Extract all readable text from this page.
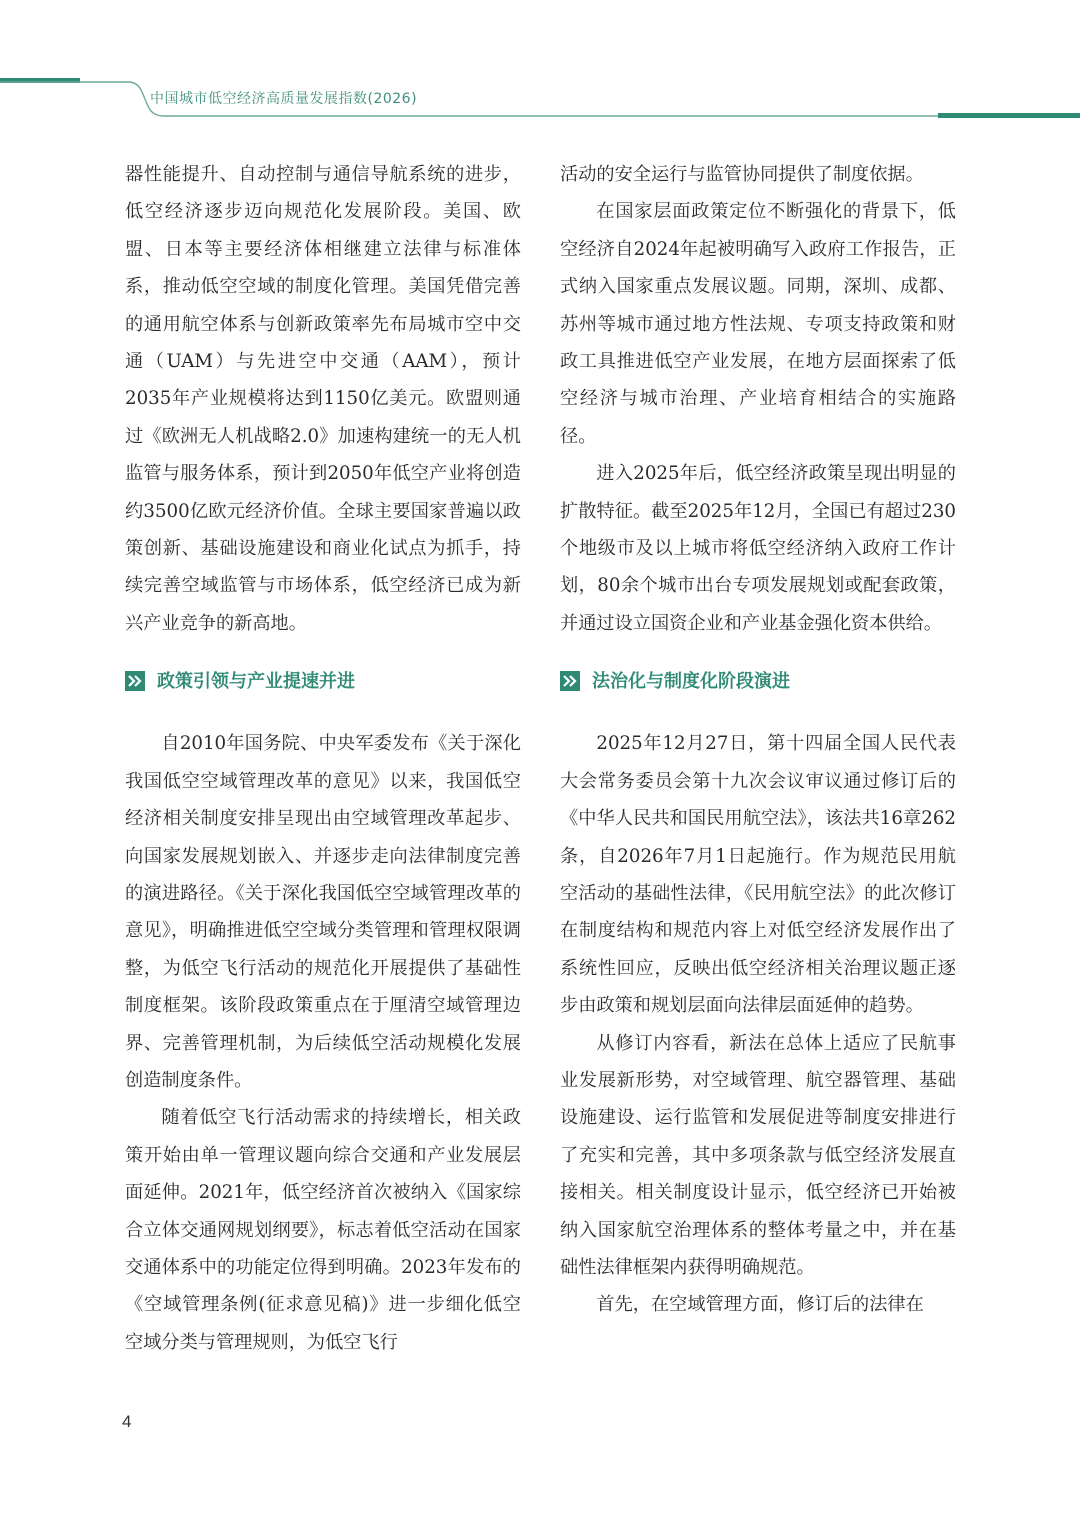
中国城市低空经济高质量发展指数(2026)

器性能提升、自动控制与通信导航系统的进步，低空经济逐步迈向规范化发展阶段。美国、欧盟、日本等主要经济体相继建立法律与标准体系，推动低空空域的制度化管理。美国凭借完善的通用航空体系与创新政策率先布局城市空中交通（UAM）与先进空中交通（AAM），预计2035年产业规模将达到1150亿美元。欧盟则通过《欧洲无人机战略2.0》加速构建统一的无人机监管与服务体系，预计到2050年低空产业将创造约3500亿欧元经济价值。全球主要国家普遍以政策创新、基础设施建设和商业化试点为抓手，持续完善空域监管与市场体系，低空经济已成为新兴产业竞争的新高地。

政策引领与产业提速并进

自2010年国务院、中央军委发布《关于深化我国低空空域管理改革的意见》以来，我国低空经济相关制度安排呈现出由空域管理改革起步、向国家发展规划嵌入、并逐步走向法律制度完善的演进路径。《关于深化我国低空空域管理改革的意见》，明确推进低空空域分类管理和管理权限调整，为低空飞行活动的规范化开展提供了基础性制度框架。该阶段政策重点在于厘清空域管理边界、完善管理机制，为后续低空活动规模化发展创造制度条件。

随着低空飞行活动需求的持续增长，相关政策开始由单一管理议题向综合交通和产业发展层面延伸。2021年，低空经济首次被纳入《国家综合立体交通网规划纲要》，标志着低空活动在国家交通体系中的功能定位得到明确。2023年发布的《空域管理条例(征求意见稿)》进一步细化低空空域分类与管理规则，为低空飞行

活动的安全运行与监管协同提供了制度依据。

在国家层面政策定位不断强化的背景下，低空经济自2024年起被明确写入政府工作报告，正式纳入国家重点发展议题。同期，深圳、成都、苏州等城市通过地方性法规、专项支持政策和财政工具推进低空产业发展，在地方层面探索了低空经济与城市治理、产业培育相结合的实施路径。

进入2025年后，低空经济政策呈现出明显的扩散特征。截至2025年12月，全国已有超过230个地级市及以上城市将低空经济纳入政府工作计划，80余个城市出台专项发展规划或配套政策，并通过设立国资企业和产业基金强化资本供给。

法治化与制度化阶段演进

2025年12月27日，第十四届全国人民代表大会常务委员会第十九次会议审议通过修订后的《中华人民共和国民用航空法》，该法共16章262条，自2026年7月1日起施行。作为规范民用航空活动的基础性法律，《民用航空法》的此次修订在制度结构和规范内容上对低空经济发展作出了系统性回应，反映出低空经济相关治理议题正逐步由政策和规划层面向法律层面延伸的趋势。

从修订内容看，新法在总体上适应了民航事业发展新形势，对空域管理、航空器管理、基础设施建设、运行监管和发展促进等制度安排进行了充实和完善，其中多项条款与低空经济发展直接相关。相关制度设计显示，低空经济已开始被纳入国家航空治理体系的整体考量之中，并在基础性法律框架内获得明确规范。

首先，在空域管理方面，修订后的法律在

4
